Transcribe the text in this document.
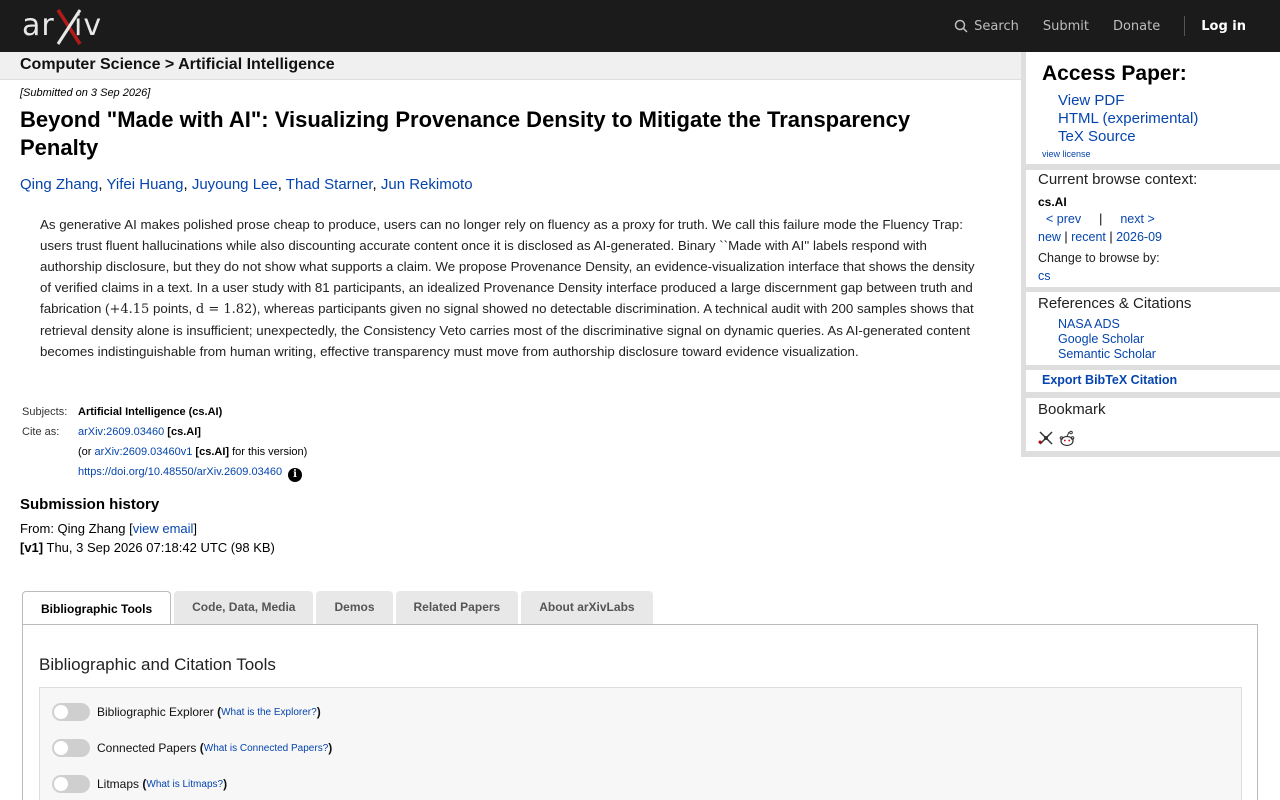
ar iv	Search Submit Donate	Log in
Computer Science > Artificial Intelligence
[Submitted on 3 Sep 2026]
Beyond "Made with AI": Visualizing Provenance Density to Mitigate the Transparency Penalty
Qing Zhang, Yifei Huang, Juyoung Lee, Thad Starner, Jun Rekimoto
As generative AI makes polished prose cheap to produce, users can no longer rely on fluency as a proxy for truth. We call this failure mode the Fluency Trap: users trust fluent hallucinations while also discounting accurate content once it is disclosed as AI-generated. Binary ``Made with AI'' labels respond with authorship disclosure, but they do not show what supports a claim. We propose Provenance Density, an evidence-visualization interface that shows the density of verified claims in a text. In a user study with 81 participants, an idealized Provenance Density interface produced a large discernment gap between truth and fabrication (+4.15 points, d = 1.82), whereas participants given no signal showed no detectable discrimination. A technical audit with 200 samples shows that retrieval density alone is insufficient; unexpectedly, the Consistency Veto carries most of the discriminative signal on dynamic queries. As AI-generated content becomes indistinguishable from human writing, effective transparency must move from authorship disclosure toward evidence visualization.
Subjects:	Artificial Intelligence (cs.AI)
Cite as:	arXiv:2609.03460 [cs.AI]
	(or arXiv:2609.03460v1 [cs.AI] for this version)
	https://doi.org/10.48550/arXiv.2609.03460 i
Submission history
From: Qing Zhang [view email]
[v1] Thu, 3 Sep 2026 07:18:42 UTC (98 KB)
Access Paper:
View PDF
HTML (experimental)
TeX Source
view license
Current browse context:
cs.AI
< prev | next >
new | recent | 2026-09
Change to browse by:
cs
References & Citations
NASA ADS
Google Scholar
Semantic Scholar
Export BibTeX Citation
Bookmark
Bibliographic Tools	Code, Data, Media	Demos	Related Papers	About arXivLabs
Bibliographic and Citation Tools
Bibliographic Explorer
( What is the Explorer? )
Connected Papers
( What is Connected Papers? )
Litmaps
( What is Litmaps? )
